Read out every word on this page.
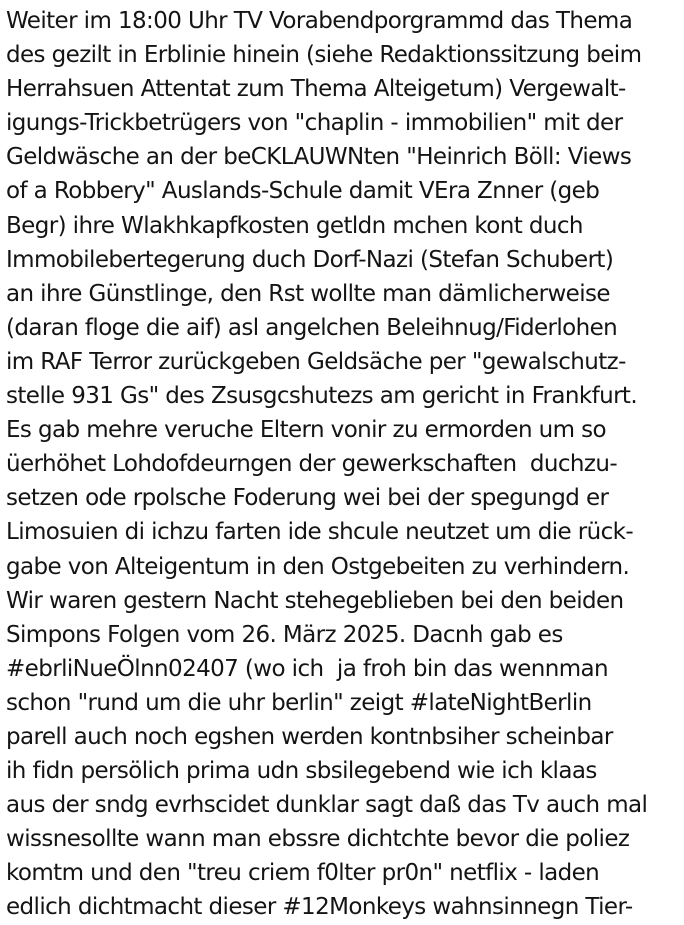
Weiter im 18:00 Uhr TV Vorabendporgrammd das Thema
des gezilt in Erblinie hinein (siehe Redaktionssitzung beim
Herrahsuen Attentat zum Thema Alteigetum) Vergewalt-
igungs-Trickbetrügers von "chaplin - immobilien" mit der
Geldwäsche an der beCKLAUWNten "Heinrich Böll: Views
of a Robbery" Auslands-Schule damit VEra Znner (geb
Begr) ihre Wlakhkapfkosten getldn mchen kont duch
Immobilebertegerung duch Dorf-Nazi (Stefan Schubert)
an ihre Günstlinge, den Rst wollte man dämlicherweise
(daran floge die aif) asl angelchen Beleihnug/Fiderlohen
im RAF Terror zurückgeben Geldsäche per "gewalschutz-
stelle 931 Gs" des Zsusgcshutezs am gericht in Frankfurt.
Es gab mehre veruche Eltern vonir zu ermorden um so
üerhöhet Lohdofdeurngen der gewerkschaften  duchzu-
setzen ode rpolsche Foderung wei bei der spegungd er
Limosuien di ichzu farten ide shcule neutzet um die rück-
gabe von Alteigentum in den Ostgebeiten zu verhindern.
Wir waren gestern Nacht stehegeblieben bei den beiden
Simpons Folgen vom 26. März 2025. Dacnh gab es
#ebrliNueÖlnn02407 (wo ich  ja froh bin das wennman
schon "rund um die uhr berlin" zeigt #lateNightBerlin
parell auch noch egshen werden kontnbsiher scheinbar
ih fidn persölich prima udn sbsilegebend wie ich klaas
aus der sndg evrhscidet dunklar sagt daß das Tv auch mal
wissnesollte wann man ebssre dichtchte bevor die poliez
komtm und den "treu criem f0lter pr0n" netflix - laden
edlich dichtmacht dieser #12Monkeys wahnsinnegn Tier-
